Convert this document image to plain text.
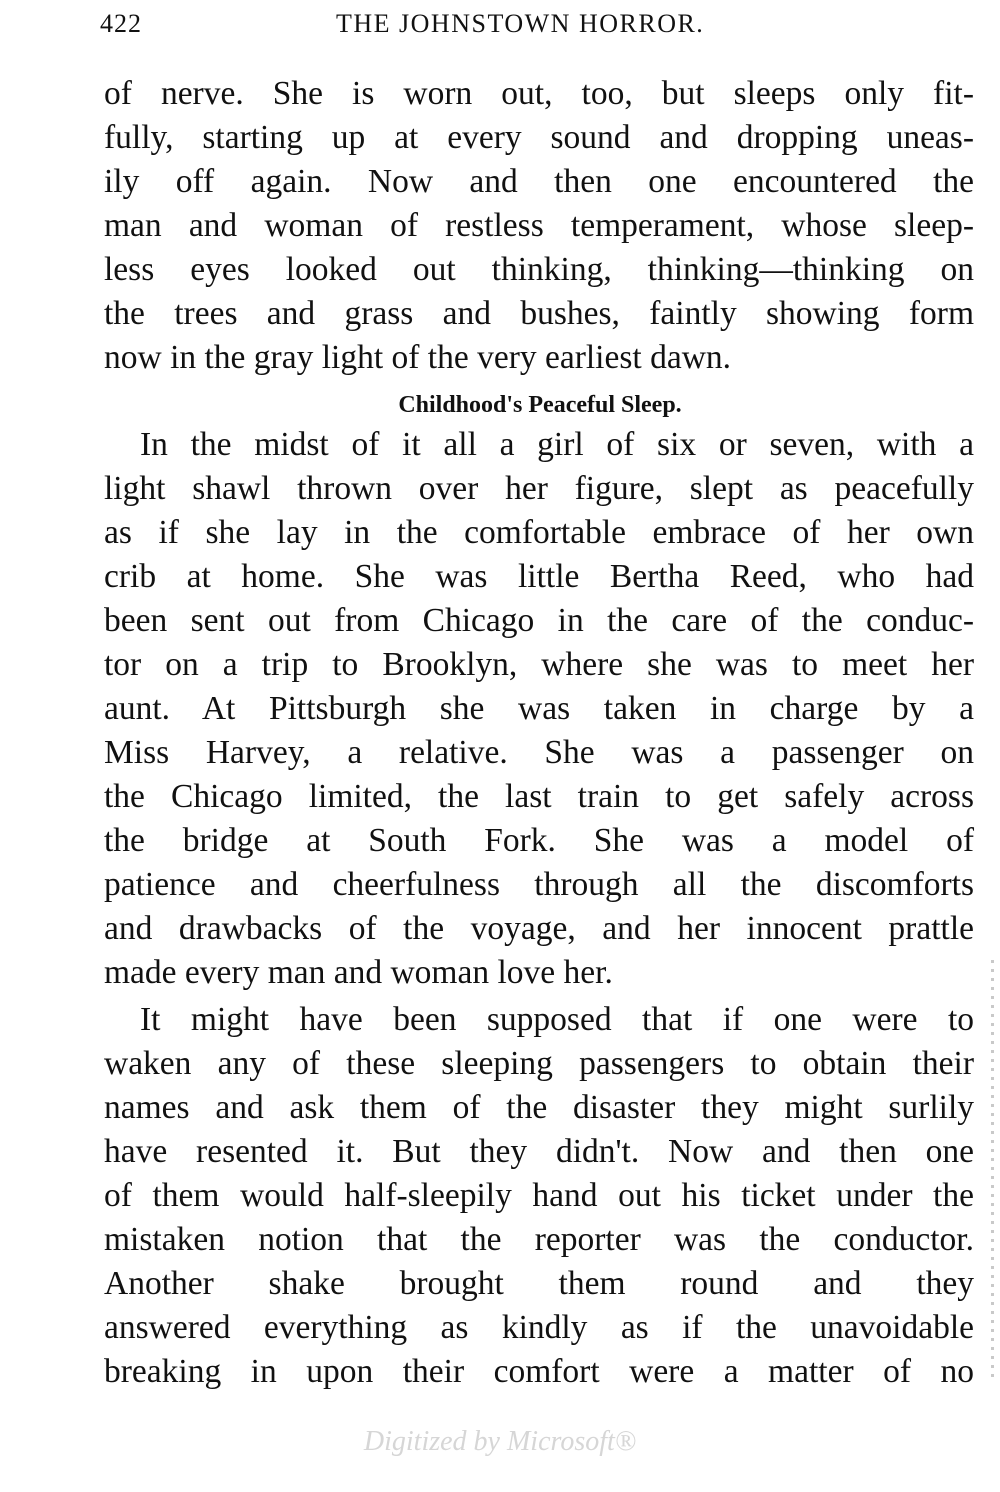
422	THE JOHNSTOWN HORROR.
of nerve. She is worn out, too, but sleeps only fit-
fully, starting up at every sound and dropping uneas-
ily off again. Now and then one encountered the
man and woman of restless temperament, whose sleep-
less eyes looked out thinking, thinking—thinking on
the trees and grass and bushes, faintly showing form
now in the gray light of the very earliest dawn.
Childhood's Peaceful Sleep.
In the midst of it all a girl of six or seven, with a
light shawl thrown over her figure, slept as peacefully
as if she lay in the comfortable embrace of her own
crib at home. She was little Bertha Reed, who had
been sent out from Chicago in the care of the conduc-
tor on a trip to Brooklyn, where she was to meet her
aunt. At Pittsburgh she was taken in charge by a
Miss Harvey, a relative. She was a passenger on
the Chicago limited, the last train to get safely across
the bridge at South Fork. She was a model of
patience and cheerfulness through all the discomforts
and drawbacks of the voyage, and her innocent prattle
made every man and woman love her.
It might have been supposed that if one were to
waken any of these sleeping passengers to obtain their
names and ask them of the disaster they might surlily
have resented it. But they didn't. Now and then one
of them would half-sleepily hand out his ticket under the
mistaken notion that the reporter was the conductor.
Another shake brought them round and they
answered everything as kindly as if the unavoidable
breaking in upon their comfort were a matter of no
Digitized by Microsoft®
